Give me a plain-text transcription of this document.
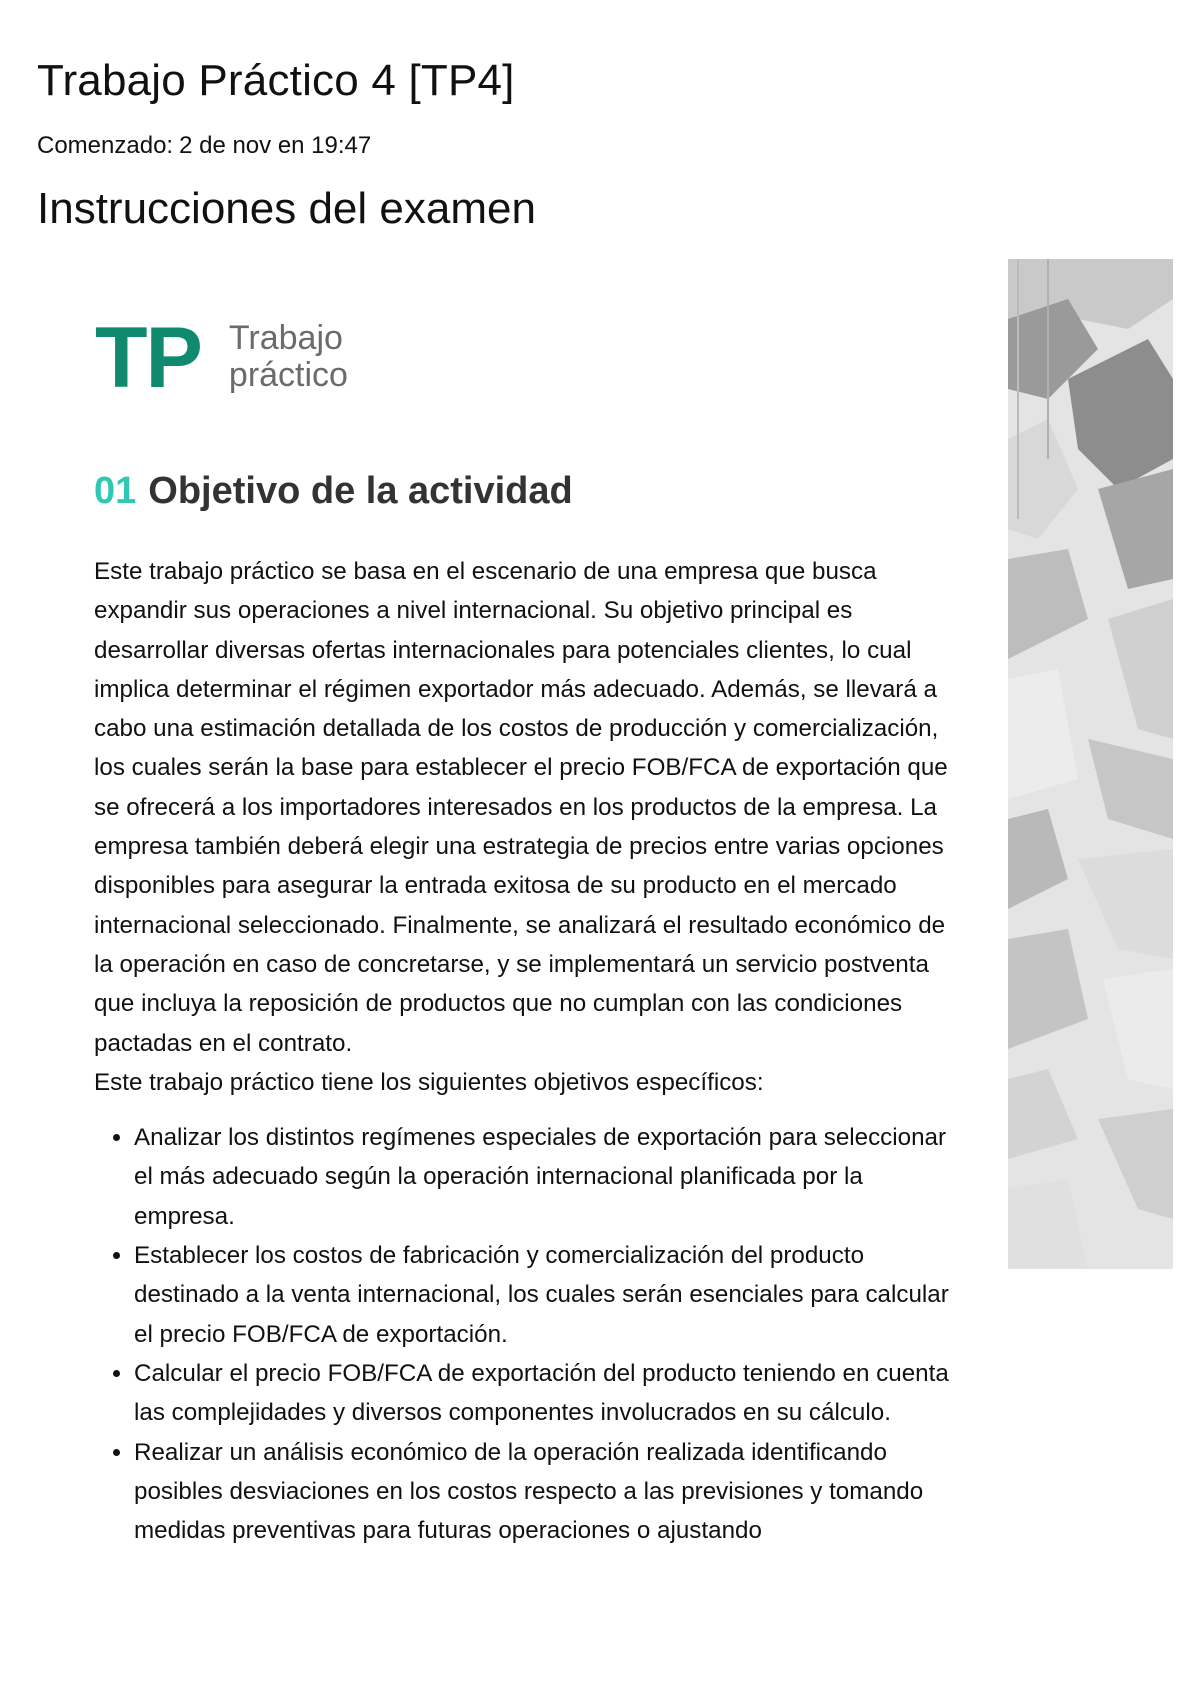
Trabajo Práctico 4 [TP4]

Comenzado: 2 de nov en 19:47

Instrucciones del examen
TP Trabajo
práctico
01 Objetivo de la actividad

Este trabajo práctico se basa en el escenario de una empresa que busca expandir sus operaciones a nivel internacional. Su objetivo principal es desarrollar diversas ofertas internacionales para potenciales clientes, lo cual implica determinar el régimen exportador más adecuado. Además, se llevará a cabo una estimación detallada de los costos de producción y comercialización, los cuales serán la base para establecer el precio FOB/FCA de exportación que se ofrecerá a los importadores interesados en los productos de la empresa. La empresa también deberá elegir una estrategia de precios entre varias opciones disponibles para asegurar la entrada exitosa de su producto en el mercado internacional seleccionado. Finalmente, se analizará el resultado económico de la operación en caso de concretarse, y se implementará un servicio postventa que incluya la reposición de productos que no cumplan con las condiciones pactadas en el contrato.

Este trabajo práctico tiene los siguientes objetivos específicos:

• Analizar los distintos regímenes especiales de exportación para seleccionar el más adecuado según la operación internacional planificada por la empresa.
• Establecer los costos de fabricación y comercialización del producto destinado a la venta internacional, los cuales serán esenciales para calcular el precio FOB/FCA de exportación.
• Calcular el precio FOB/FCA de exportación del producto teniendo en cuenta las complejidades y diversos componentes involucrados en su cálculo.
• Realizar un análisis económico de la operación realizada identificando posibles desviaciones en los costos respecto a las previsiones y tomando medidas preventivas para futuras operaciones o ajustando
